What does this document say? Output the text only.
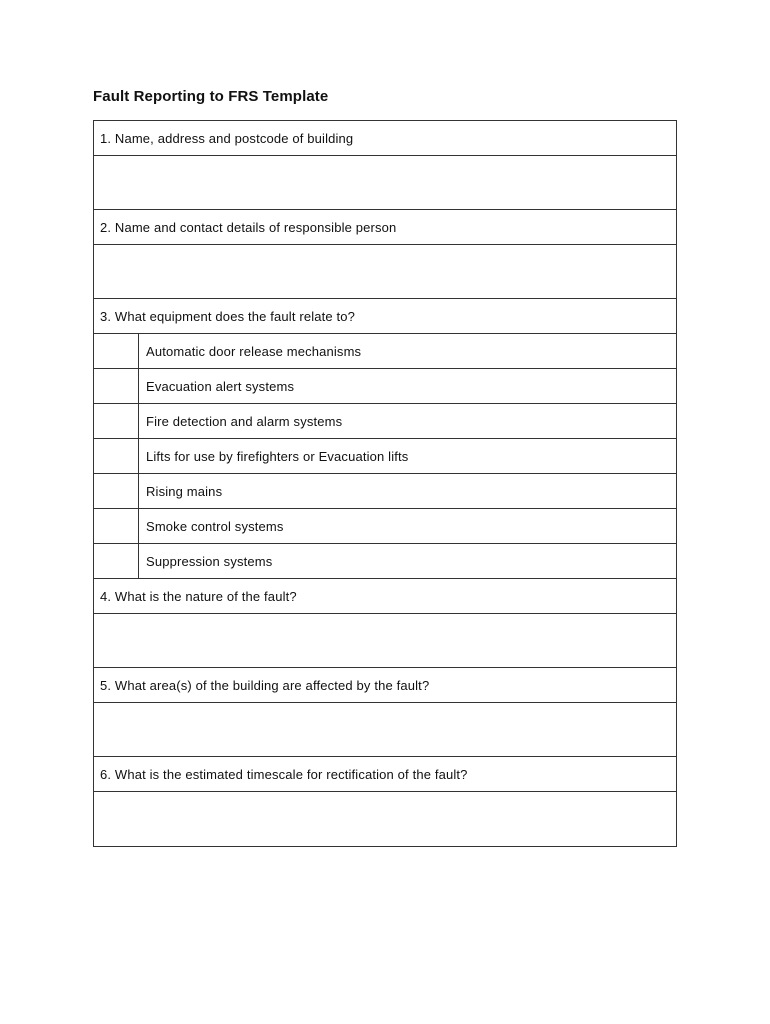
Fault Reporting to FRS Template
1. Name, address and postcode of building
2. Name and contact details of responsible person
3. What equipment does the fault relate to?
Automatic door release mechanisms
Evacuation alert systems
Fire detection and alarm systems
Lifts for use by firefighters or Evacuation lifts
Rising mains
Smoke control systems
Suppression systems
4. What is the nature of the fault?
5. What area(s) of the building are affected by the fault?
6. What is the estimated timescale for rectification of the fault?
